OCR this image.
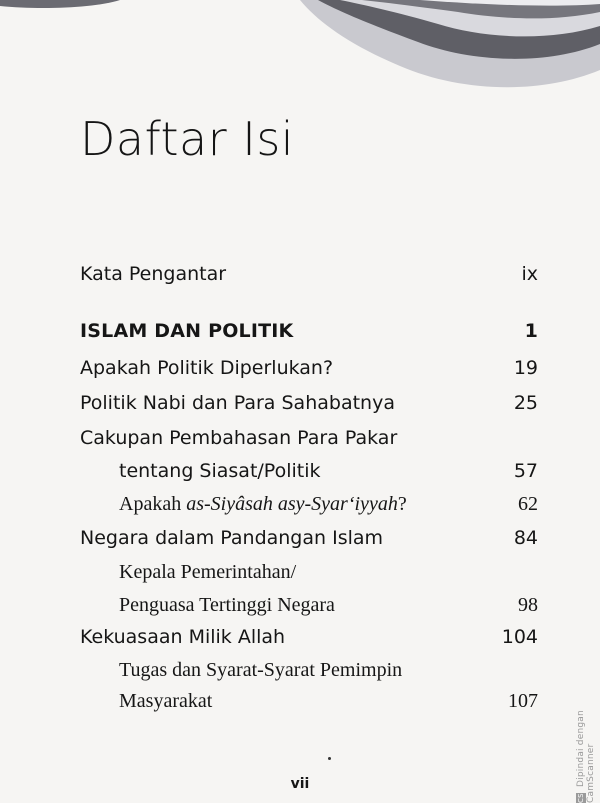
Daftar Isi
Kata Pengantar	ix
ISLAM DAN POLITIK	1
Apakah Politik Diperlukan?	19
Politik Nabi dan Para Sahabatnya	25
Cakupan Pembahasan Para Pakar
tentang Siasat/Politik	57
Apakah as-Siyâsah asy-Syar‘iyyah?	62
Negara dalam Pandangan Islam	84
Kepala Pemerintahan/
Penguasa Tertinggi Negara	98
Kekuasaan Milik Allah	104
Tugas dan Syarat-Syarat Pemimpin
Masyarakat	107
vii
CS Dipindai dengan CamScanner
